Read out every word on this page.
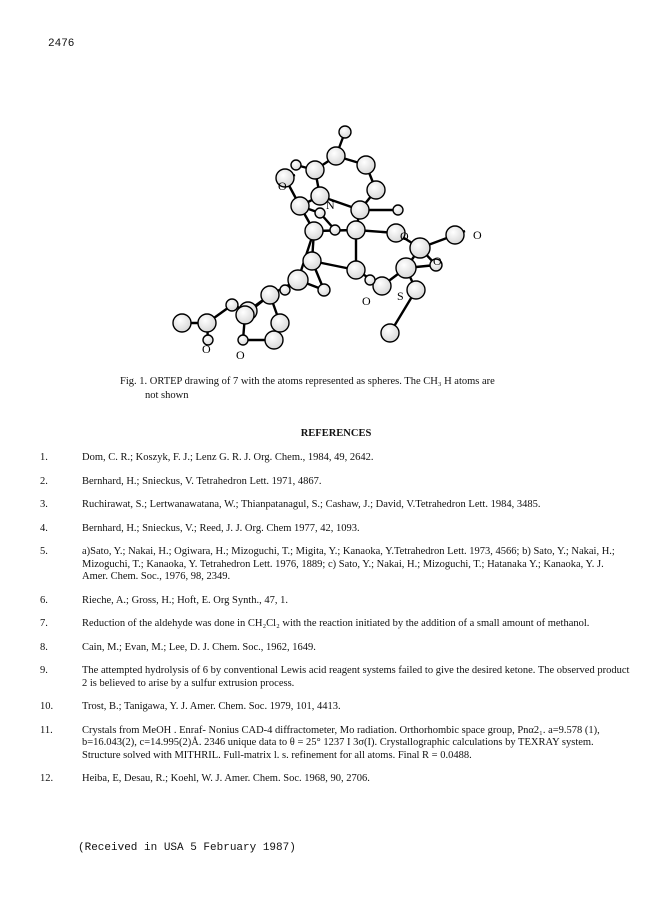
2476
N
O
O	O
O
O S
O O
Fig. 1. ORTEP drawing of 7 with the atoms represented as spheres. The CH₃ H atoms are
not shown
REFERENCES
1.	Dom, C. R.; Koszyk, F. J.; Lenz G. R. J. Org. Chem., 1984, 49, 2642.
2.	Bernhard, H.; Snieckus, V. Tetrahedron Lett. 1971, 4867.
3.	Ruchirawat, S.; Lertwanawatana, W.; Thianpatanagul, S.; Cashaw, J.; David, V.Tetrahedron Lett. 1984, 3485.
4.	Bernhard, H.; Snieckus, V.; Reed, J. J. Org. Chem 1977, 42, 1093.
5.	a)Sato, Y.; Nakai, H.; Ogiwara, H.; Mizoguchi, T.; Migita, Y.; Kanaoka, Y.Tetrahedron Lett. 1973, 4566; b) Sato, Y.; Nakai, H.; Mizoguchi, T.; Kanaoka, Y. Tetrahedron Lett. 1976, 1889; c) Sato, Y.; Nakai, H.; Mizoguchi, T.; Hatanaka Y.; Kanaoka, Y. J. Amer. Chem. Soc., 1976, 98, 2349.
6.	Rieche, A.; Gross, H.; Hoft, E. Org Synth., 47, 1.
7.	Reduction of the aldehyde was done in CH₂Cl₂ with the reaction initiated by the addition of a small amount of methanol.
8.	Cain, M.; Evan, M.; Lee, D. J. Chem. Soc., 1962, 1649.
9.	The attempted hydrolysis of 6 by conventional Lewis acid reagent systems failed to give the desired ketone. The observed product 2 is believed to arise by a sulfur extrusion process.
10.	Trost, B.; Tanigawa, Y. J. Amer. Chem. Soc. 1979, 101, 4413.
11.	Crystals from MeOH . Enraf- Nonius CAD-4 diffractometer, Mo radiation. Orthorhombic space group, Pnα2₁. a=9.578 (1), b=16.043(2), c=14.995(2)Å. 2346 unique data to θ = 25° 1237 I 3σ(I). Crystallographic calculations by TEXRAY system. Structure solved with MITHRIL. Full-matrix l. s. refinement for all atoms. Final R = 0.0488.
12.	Heiba, E, Desau, R.; Koehl, W. J. Amer. Chem. Soc. 1968, 90, 2706.
(Received in USA 5 February 1987)
